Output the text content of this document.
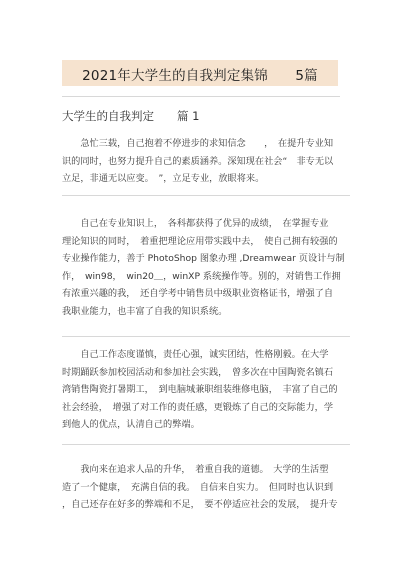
2021年大学生的自我判定集锦　　5篇
大学生的自我判定　　篇 1
　　急忙三载，自己抱着不停进步的求知信念　　，　在提升专业知
识的同时，也努力提升自己的素质涵养。深知现在社会“　非专无以
立足，非通无以应变。　”，立足专业，放眼将来。
　　自己在专业知识上，　各科都获得了优异的成绩，　在掌握专业
理论知识的同时，　着重把理论应用带实践中去，　使自己拥有较强的
专业操作能力，善于 PhotoShop 图象办理 ,Dreamwear 页设计与制
作，　win98，　win20＿，winXP 系统操作等。别的，对销售工作拥
有浓重兴趣的我，　还自学考中销售员中级职业资格证书，增强了自
我职业能力，也丰富了自我的知识系统。
　　自己工作态度谨慎，责任心强，诚实团结，性格刚毅。在大学
时期踊跃参加校园活动和参加社会实践，　曾多次在中国陶瓷名镇石
湾销售陶瓷打暑期工，　到电脑城兼职组装维修电脑，　丰富了自己的
社会经验，　增强了对工作的责任感，更锻炼了自己的交际能力，学
到他人的优点，认清自己的弊端。
　　我向来在追求人品的升华，　着重自我的道德。　大学的生活塑
造了一个健康，　充满自信的我。　自信来自实力。　但同时也认识到
，自己还存在好多的弊端和不足，　要不停适应社会的发展，　提升专
